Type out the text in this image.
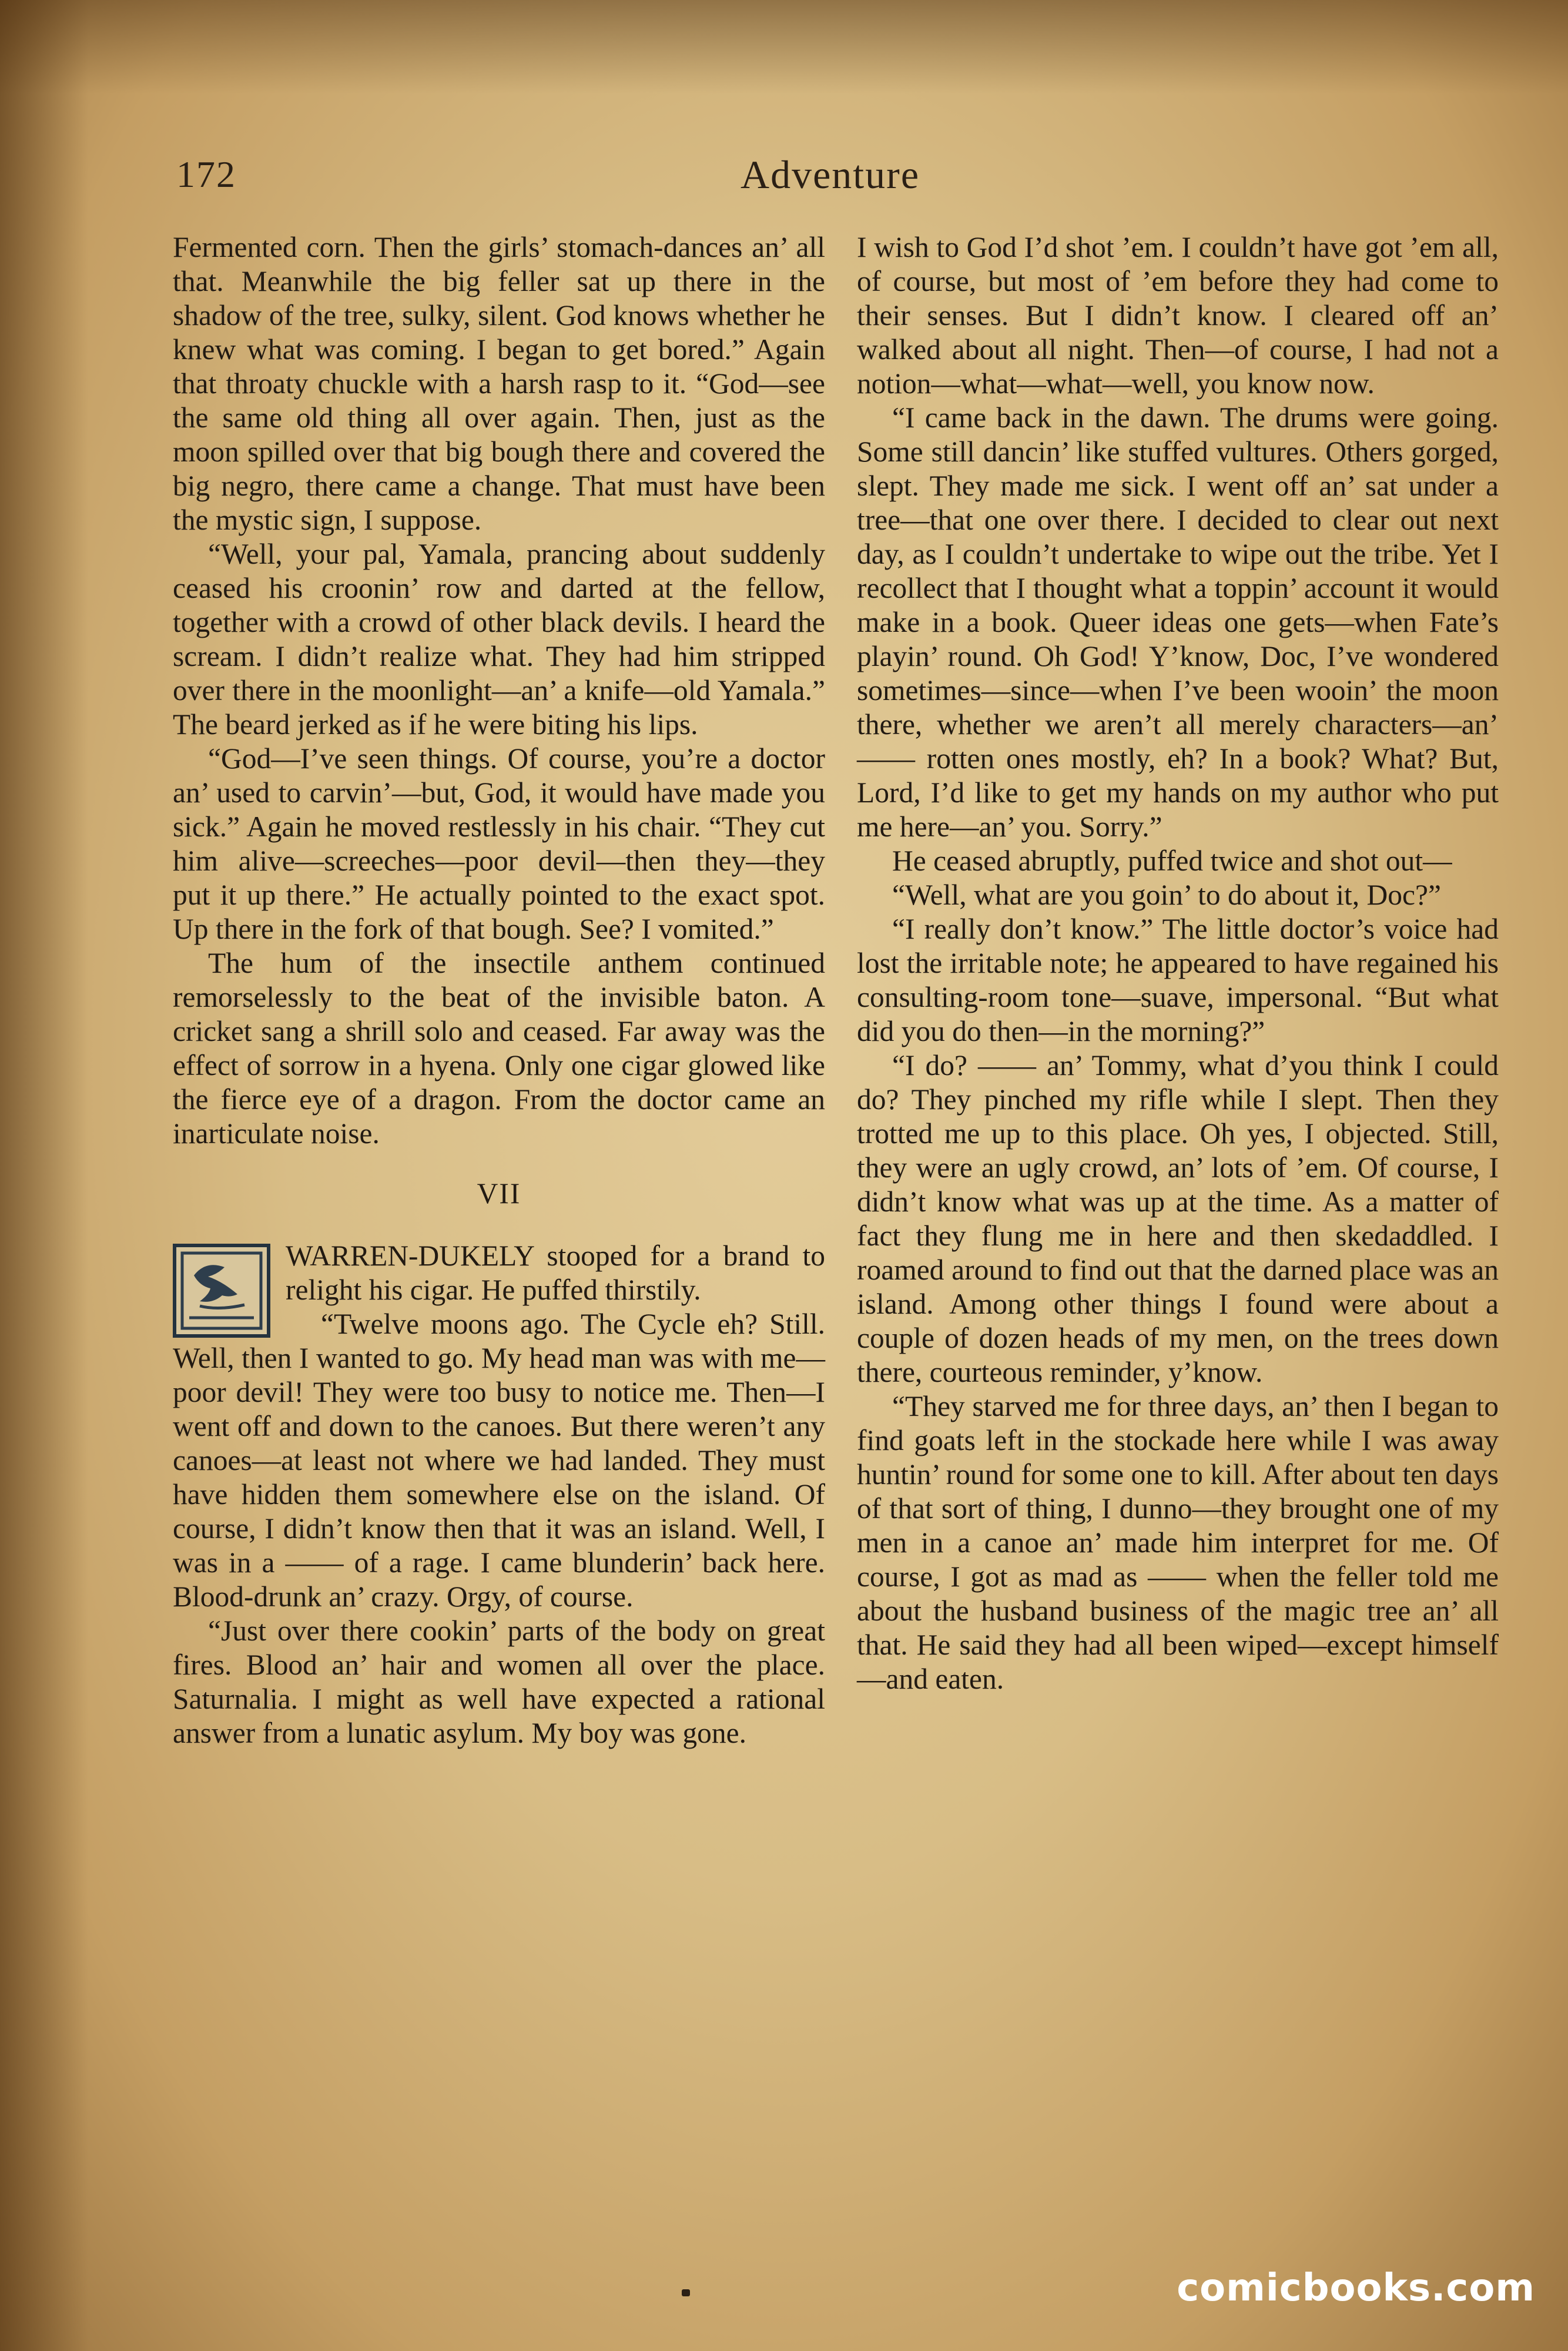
172	Adventure

Fermented corn. Then the girls’ stomach-dances an’ all that. Meanwhile the big feller sat up there in the shadow of the tree, sulky, silent. God knows whether he knew what was coming. I began to get bored.” Again that throaty chuckle with a harsh rasp to it. “God—see the same old thing all over again. Then, just as the moon spilled over that big bough there and covered the big negro, there came a change. That must have been the mystic sign, I suppose.

“Well, your pal, Yamala, prancing about suddenly ceased his croonin’ row and darted at the fellow, together with a crowd of other black devils. I heard the scream. I didn’t realize what. They had him stripped over there in the moonlight—an’ a knife—old Yamala.” The beard jerked as if he were biting his lips.

“God—I’ve seen things. Of course, you’re a doctor an’ used to carvin’—but, God, it would have made you sick.” Again he moved restlessly in his chair. “They cut him alive—screeches—poor devil—then they—they put it up there.” He actually pointed to the exact spot. Up there in the fork of that bough. See? I vomited.”

The hum of the insectile anthem continued remorselessly to the beat of the invisible baton. A cricket sang a shrill solo and ceased. Far away was the effect of sorrow in a hyena. Only one cigar glowed like the fierce eye of a dragon. From the doctor came an inarticulate noise.

VII

WARREN-DUKELY stooped for a brand to relight his cigar. He puffed thirstily.

“Twelve moons ago. The Cycle eh? Still. Well, then I wanted to go. My head man was with me—poor devil! They were too busy to notice me. Then—I went off and down to the canoes. But there weren’t any canoes—at least not where we had landed. They must have hidden them somewhere else on the island. Of course, I didn’t know then that it was an island. Well, I was in a —— of a rage. I came blunderin’ back here. Blood-drunk an’ crazy. Orgy, of course.

“Just over there cookin’ parts of the body on great fires. Blood an’ hair and women all over the place. Saturnalia. I might as well have expected a rational answer from a lunatic asylum. My boy was gone.

I wish to God I’d shot ’em. I couldn’t have got ’em all, of course, but most of ’em before they had come to their senses. But I didn’t know. I cleared off an’ walked about all night. Then—of course, I had not a notion—what—what—well, you know now.

“I came back in the dawn. The drums were going. Some still dancin’ like stuffed vultures. Others gorged, slept. They made me sick. I went off an’ sat under a tree—that one over there. I decided to clear out next day, as I couldn’t undertake to wipe out the tribe. Yet I recollect that I thought what a toppin’ account it would make in a book. Queer ideas one gets—when Fate’s playin’ round. Oh God! Y’know, Doc, I’ve wondered sometimes—since—when I’ve been wooin’ the moon there, whether we aren’t all merely characters—an’ —— rotten ones mostly, eh? In a book? What? But, Lord, I’d like to get my hands on my author who put me here—an’ you. Sorry.”

He ceased abruptly, puffed twice and shot out—

“Well, what are you goin’ to do about it, Doc?”

“I really don’t know.” The little doctor’s voice had lost the irritable note; he appeared to have regained his consulting-room tone—suave, impersonal. “But what did you do then—in the morning?”

“I do? —— an’ Tommy, what d’you think I could do? They pinched my rifle while I slept. Then they trotted me up to this place. Oh yes, I objected. Still, they were an ugly crowd, an’ lots of ’em. Of course, I didn’t know what was up at the time. As a matter of fact they flung me in here and then skedaddled. I roamed around to find out that the darned place was an island. Among other things I found were about a couple of dozen heads of my men, on the trees down there, courteous reminder, y’know.

“They starved me for three days, an’ then I began to find goats left in the stockade here while I was away huntin’ round for some one to kill. After about ten days of that sort of thing, I dunno—they brought one of my men in a canoe an’ made him interpret for me. Of course, I got as mad as —— when the feller told me about the husband business of the magic tree an’ all that. He said they had all been wiped—except himself—and eaten.

comicbooks.com
